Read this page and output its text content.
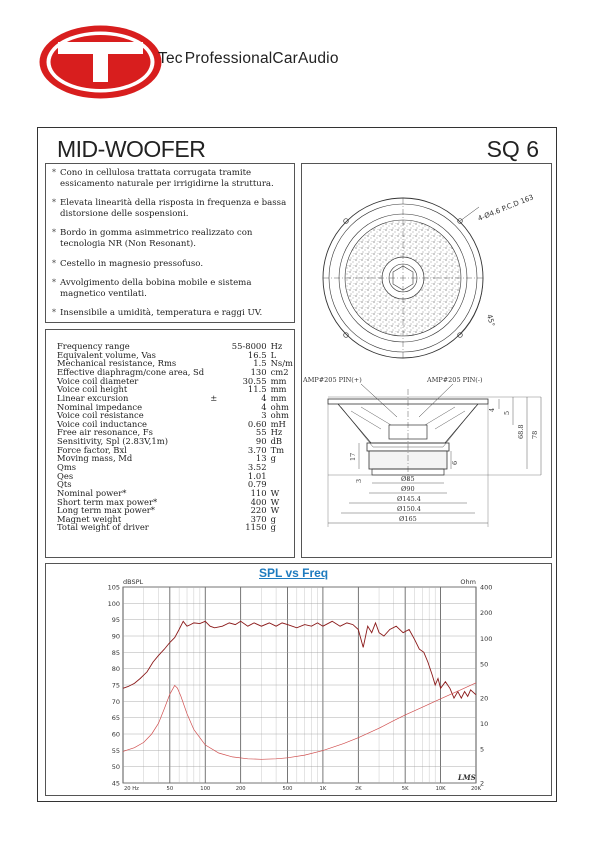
Tec ProfessionalCarAudio
MID-WOOFER	SQ 6

* Cono in cellulosa trattata corrugata tramite essicamento naturale per irrigidirne la struttura.

* Elevata linearità della risposta in frequenza e bassa distorsione delle sospensioni.

* Bordo in gomma asimmetrico realizzato con tecnologia NR (Non Resonant).

* Cestello in magnesio pressofuso.

* Avvolgimento della bobina mobile e sistema magnetico ventilati.

* Insensibile a umidità, temperatura e raggi UV.

Frequency range		55-8000	Hz
Equivalent volume, Vas		16.5	L
Mechanical resistance, Rms		1.5	Ns/m
Effective diaphragm/cone area, Sd		130	cm2
Voice coil diameter		30.55	mm
Voice coil height		11.5	mm
Linear excursion	±	4	mm
Nominal impedance		4	ohm
Voice coil resistance		3	ohm
Voice coil inductance		0.60	mH
Free air resonance, Fs		55	Hz
Sensitivity, Spl (2.83V,1m)		90	dB
Force factor, Bxl		3.70	Tm
Moving mass, Md		13	g
Qms		3.52	
Qes		1.01	
Qts		0.79	
Nominal power*		110	W
Short term max power*		400	W
Long term max power*		220	W
Magnet weight		370	g
Total weight of driver		1150	g
4-Ø4.6 P.C.D 163
45°
AMP#205 PIN(+)	AMP#205 PIN(-)
Ø85
Ø90
Ø145.4
Ø150.4
Ø165
4
5
68.8 78
17
6
3
105
100
95
90
85
80
75
70
65
60
55
50
45
400
200
100
50
20
10
5
2
20 Hz	50	100	200	500	1K	2K	5K	10K	20K
dBSPL	Ohm
LMS
SPL vs Freq
